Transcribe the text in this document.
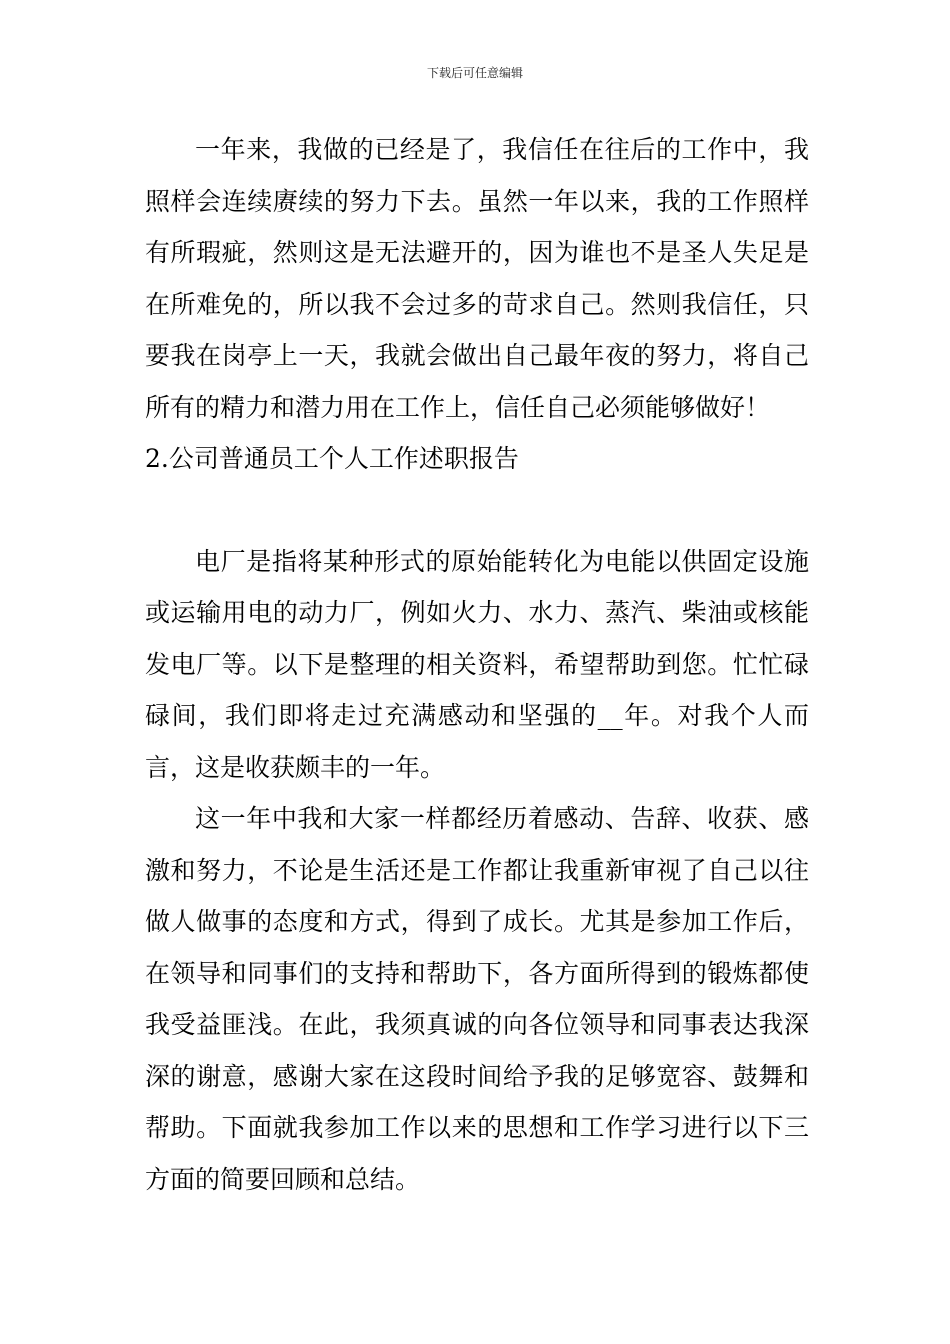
下载后可任意编辑

一年来，我做的已经是了，我信任在往后的工作中，我照样会连续赓续的努力下去。虽然一年以来，我的工作照样有所瑕疵，然则这是无法避开的，因为谁也不是圣人失足是在所难免的，所以我不会过多的苛求自己。然则我信任，只要我在岗亭上一天，我就会做出自己最年夜的努力，将自己所有的精力和潜力用在工作上，信任自己必须能够做好！

2.公司普通员工个人工作述职报告

电厂是指将某种形式的原始能转化为电能以供固定设施或运输用电的动力厂，例如火力、水力、蒸汽、柴油或核能发电厂等。以下是整理的相关资料，希望帮助到您。忙忙碌碌间，我们即将走过充满感动和坚强的__年。对我个人而言，这是收获颇丰的一年。

这一年中我和大家一样都经历着感动、告辞、收获、感激和努力，不论是生活还是工作都让我重新审视了自己以往做人做事的态度和方式，得到了成长。尤其是参加工作后，在领导和同事们的支持和帮助下，各方面所得到的锻炼都使我受益匪浅。在此，我须真诚的向各位领导和同事表达我深深的谢意，感谢大家在这段时间给予我的足够宽容、鼓舞和帮助。下面就我参加工作以来的思想和工作学习进行以下三方面的简要回顾和总结。
